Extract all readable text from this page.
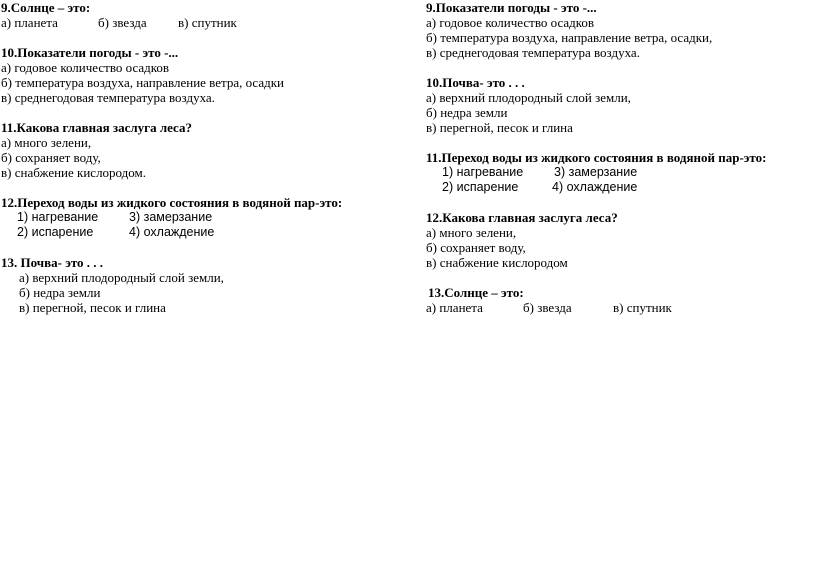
9.Солнце – это:
а) планета	б) звезда в) спутник
10.Показатели погоды - это -...
а) годовое количество осадков
б) температура воздуха, направление ветра, осадки
в) среднегодовая температура воздуха.
11.Какова главная заслуга леса?
а) много зелени,
б) сохраняет воду,
в) снабжение кислородом.
12.Переход воды из жидкого состояния в водяной пар-это:
1) нагревание 3) замерзание
2) испарение	4) охлаждение
13. Почва- это . . .
а) верхний плодородный слой земли,
б) недра земли
в) перегной, песок и глина
9.Показатели погоды - это -...
а) годовое количество осадков
б) температура воздуха, направление ветра, осадки,
в) среднегодовая температура воздуха.
10.Почва- это . . .
а) верхний плодородный слой земли,
б) недра земли
в) перегной, песок и глина
11.Переход воды из жидкого состояния в водяной пар-это:
1) нагревание 3) замерзание
2) испарение	4) охлаждение
12.Какова главная заслуга леса?
а) много зелени,
б) сохраняет воду,
в) снабжение кислородом
13.Солнце – это:
а) планета	б) звезда	в) спутник
